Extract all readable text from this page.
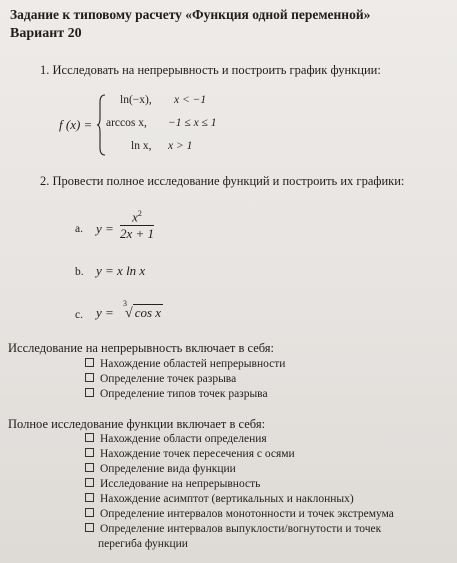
Задание к типовому расчету «Функция одной переменной»
Вариант 20
1. Исследовать на непрерывность и построить график функции:
f (x) =
ln(−x), x < −1
arccos x, −1 ≤ x ≤ 1
ln x, x > 1
2. Провести полное исследование функций и построить их графики:
a. $y = \frac{x^2}{2x + 1}$
b. y = x ln x
c. y =
3
√ cos x
Исследование на непрерывность включает в себя:
Нахождение областей непрерывности
Определение точек разрыва
Определение типов точек разрыва
Полное исследование функции включает в себя:
Нахождение области определения
Нахождение точек пересечения с осями
Определение вида функции
Исследование на непрерывность
Нахождение асимптот (вертикальных и наклонных)
Определение интервалов монотонности и точек экстремума
Определение интервалов выпуклости/вогнутости и точек
перегиба функции
